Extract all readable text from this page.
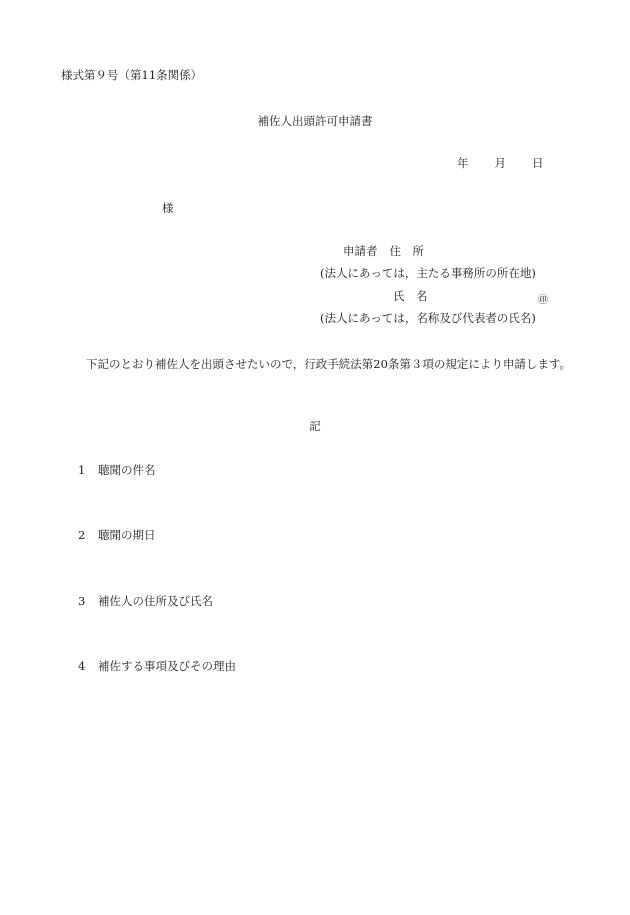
様式第９号（第11条関係）
補佐人出頭許可申請書
年 月 日
様
申請者 住　所
(法人にあっては，主たる事務所の所在地)
氏　名	㊞
(法人にあっては，名称及び代表者の氏名)
下記のとおり補佐人を出頭させたいので，行政手続法第20条第３項の規定により申請します。
記
1 聴聞の件名
2 聴聞の期日
3 補佐人の住所及び氏名
4 補佐する事項及びその理由
